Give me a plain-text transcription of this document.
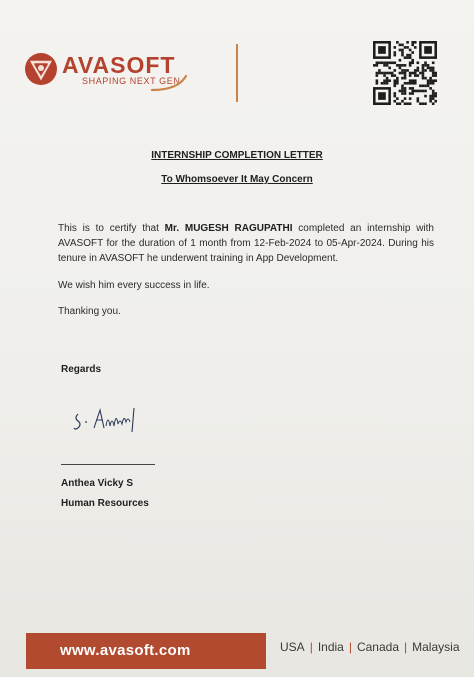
AVASOFT
SHAPING NEXT GEN
INTERNSHIP COMPLETION LETTER
To Whomsoever It May Concern
This is to certify that Mr. MUGESH RAGUPATHI completed an internship with AVASOFT for the duration of 1 month from 12-Feb-2024 to 05-Apr-2024. During his tenure in AVASOFT he underwent training in App Development.
We wish him every success in life.
Thanking you.
Regards
Anthea Vicky S
Human Resources
www.avasoft.com	USA | India | Canada | Malaysia
